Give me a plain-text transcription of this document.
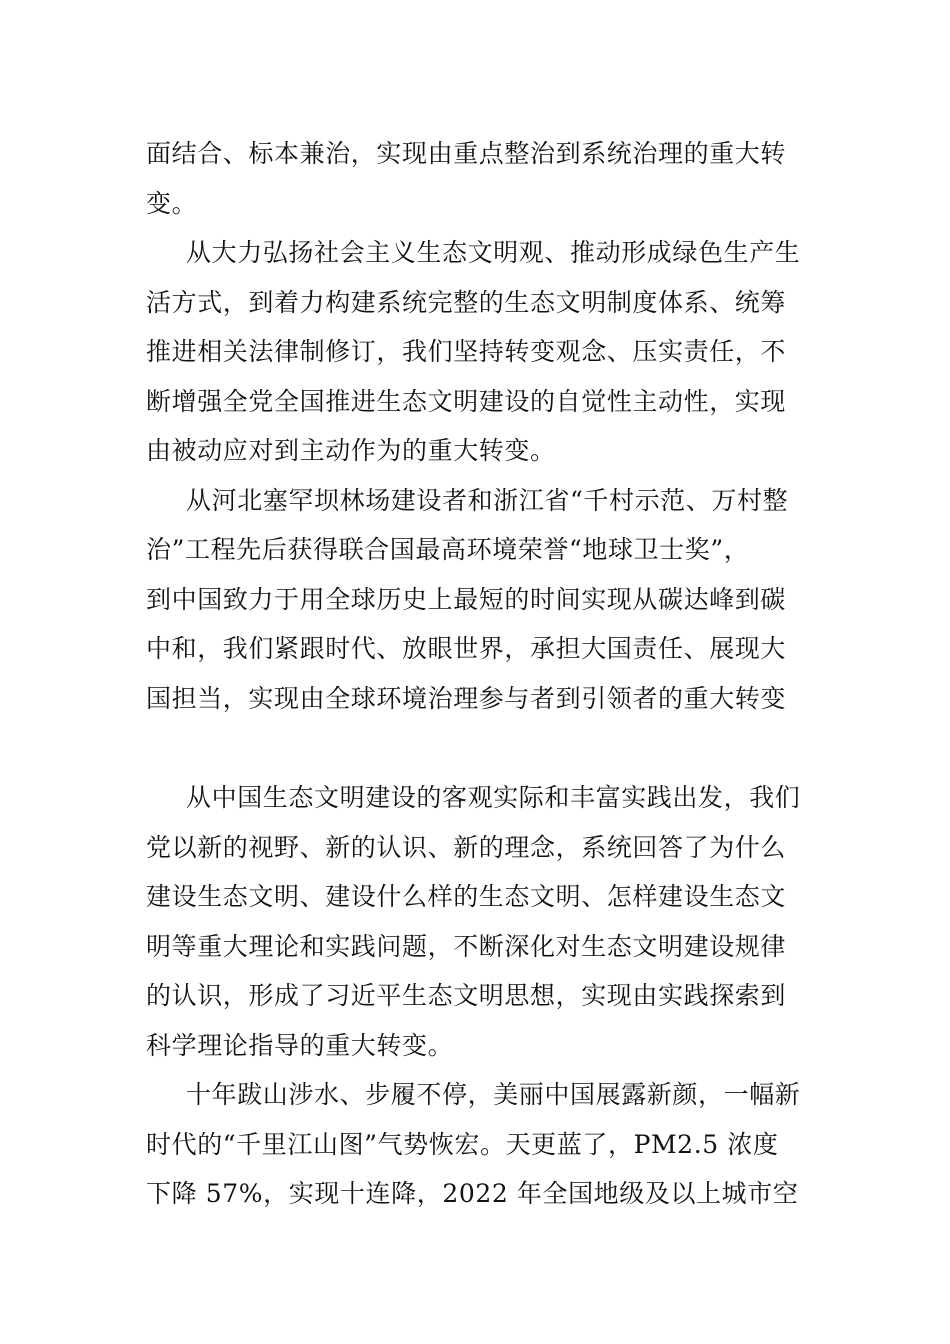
面结合、标本兼治，实现由重点整治到系统治理的重大转

变。

从大力弘扬社会主义生态文明观、推动形成绿色生产生

活方式，到着力构建系统完整的生态文明制度体系、统筹

推进相关法律制修订，我们坚持转变观念、压实责任，不

断增强全党全国推进生态文明建设的自觉性主动性，实现

由被动应对到主动作为的重大转变。

从河北塞罕坝林场建设者和浙江省“千村示范、万村整

治”工程先后获得联合国最高环境荣誉“地球卫士奖”，

到中国致力于用全球历史上最短的时间实现从碳达峰到碳

中和，我们紧跟时代、放眼世界，承担大国责任、展现大

国担当，实现由全球环境治理参与者到引领者的重大转变

从中国生态文明建设的客观实际和丰富实践出发，我们

党以新的视野、新的认识、新的理念，系统回答了为什么

建设生态文明、建设什么样的生态文明、怎样建设生态文

明等重大理论和实践问题，不断深化对生态文明建设规律

的认识，形成了习近平生态文明思想，实现由实践探索到

科学理论指导的重大转变。

十年跋山涉水、步履不停，美丽中国展露新颜，一幅新

时代的“千里江山图”气势恢宏。天更蓝了，PM2.5 浓度

下降 57%，实现十连降，2022 年全国地级及以上城市空
